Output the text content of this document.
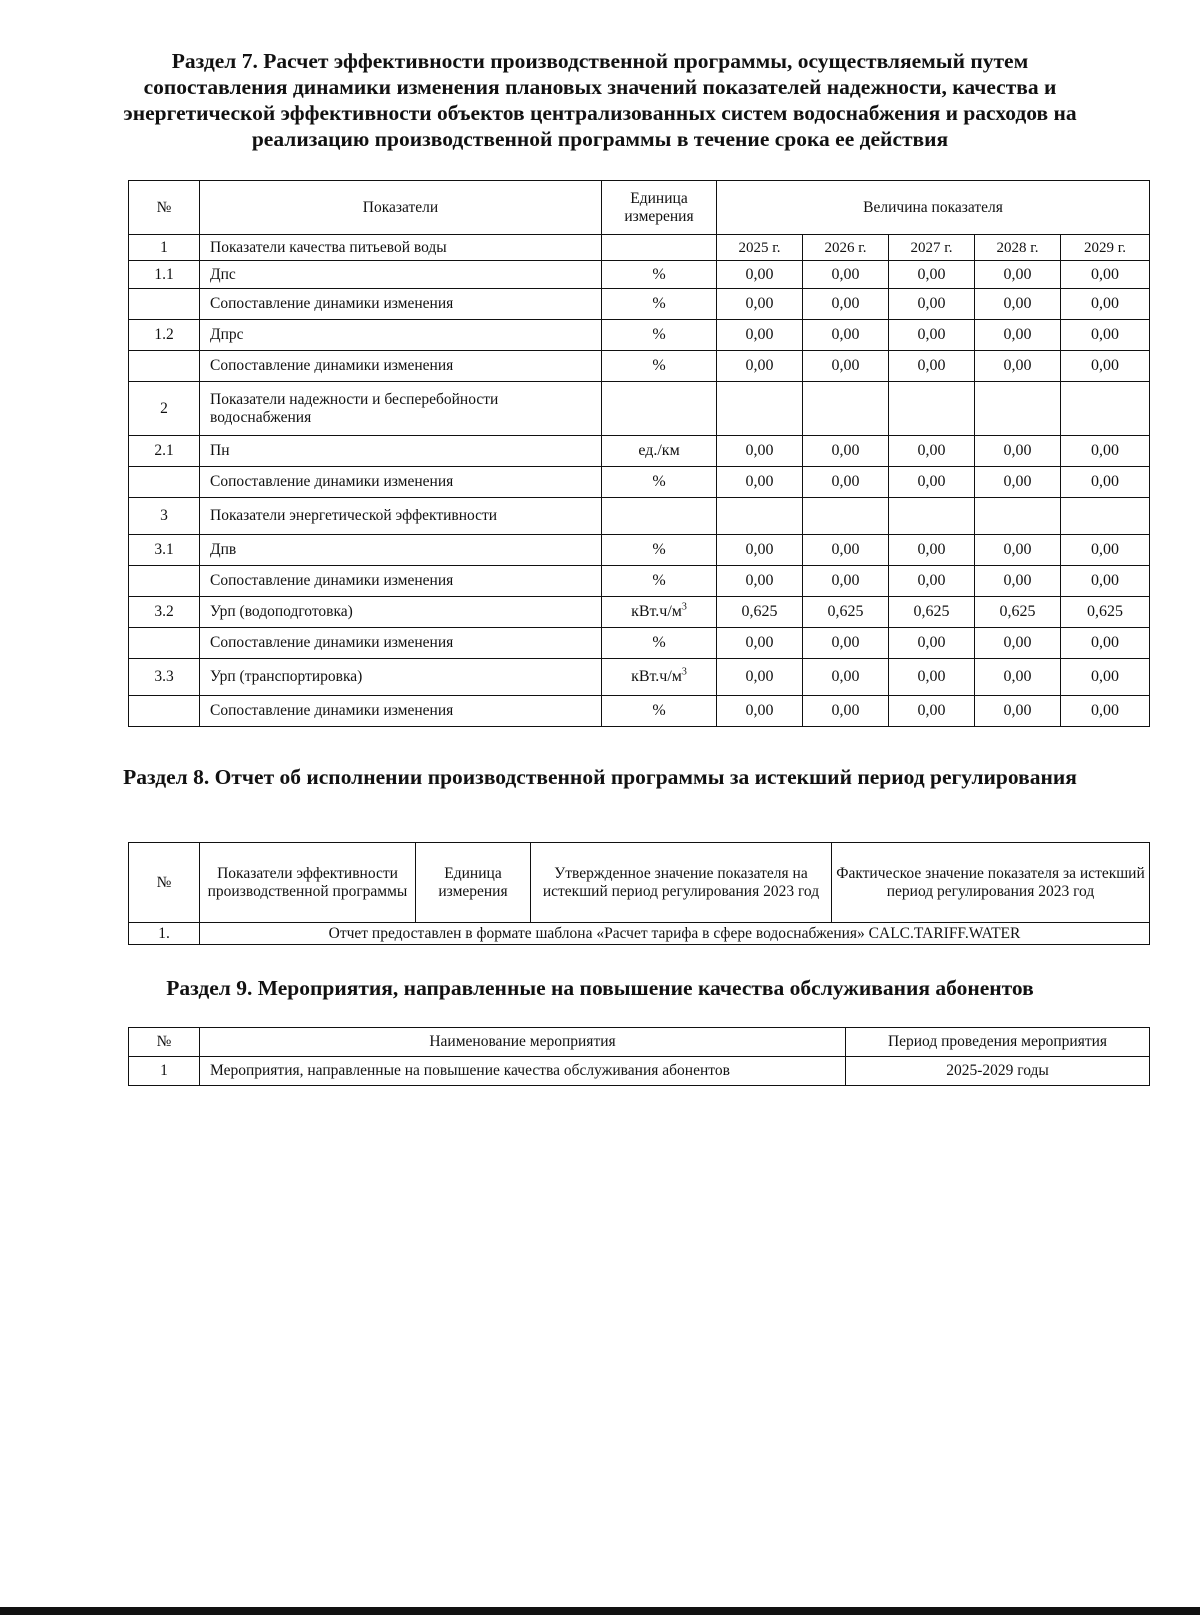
Раздел 7. Расчет эффективности производственной программы, осуществляемый путем сопоставления динамики изменения плановых значений показателей надежности, качества и энергетической эффективности объектов централизованных систем водоснабжения и расходов на реализацию производственной программы в течение срока ее действия
№	Показатели	Единица измерения	Величина показателя				
1	Показатели качества питьевой воды		2025 г.	2026 г.	2027 г.	2028 г.	2029 г.
1.1	Дпс	%	0,00	0,00	0,00	0,00	0,00
	Сопоставление динамики изменения	%	0,00	0,00	0,00	0,00	0,00
1.2	Дпрс	%	0,00	0,00	0,00	0,00	0,00
	Сопоставление динамики изменения	%	0,00	0,00	0,00	0,00	0,00
2	Показатели надежности и бесперебойности водоснабжения						
2.1	Пн	ед./км	0,00	0,00	0,00	0,00	0,00
	Сопоставление динамики изменения	%	0,00	0,00	0,00	0,00	0,00
3	Показатели энергетической эффективности						
3.1	Дпв	%	0,00	0,00	0,00	0,00	0,00
	Сопоставление динамики изменения	%	0,00	0,00	0,00	0,00	0,00
3.2	Урп (водоподготовка)	$кВт.ч/м^3$	0,625	0,625	0,625	0,625	0,625
	Сопоставление динамики изменения	%	0,00	0,00	0,00	0,00	0,00
3.3	Урп (транспортировка)	$кВт.ч/м^3$	0,00	0,00	0,00	0,00	0,00
	Сопоставление динамики изменения	%	0,00	0,00	0,00	0,00	0,00
Раздел 8. Отчет об исполнении производственной программы за истекший период регулирования
№	Показатели эффективности производственной программы	Единица измерения	Утвержденное значение показателя на истекший период регулирования 2023 год	Фактическое значение показателя за истекший период регулирования 2023 год
1.	Отчет предоставлен в формате шаблона «Расчет тарифа в сфере водоснабжения» CALC.TARIFF.WATER			
Раздел 9. Мероприятия, направленные на повышение качества обслуживания абонентов
№	Наименование мероприятия	Период проведения мероприятия
1	Мероприятия, направленные на повышение качества обслуживания абонентов	2025-2029 годы
